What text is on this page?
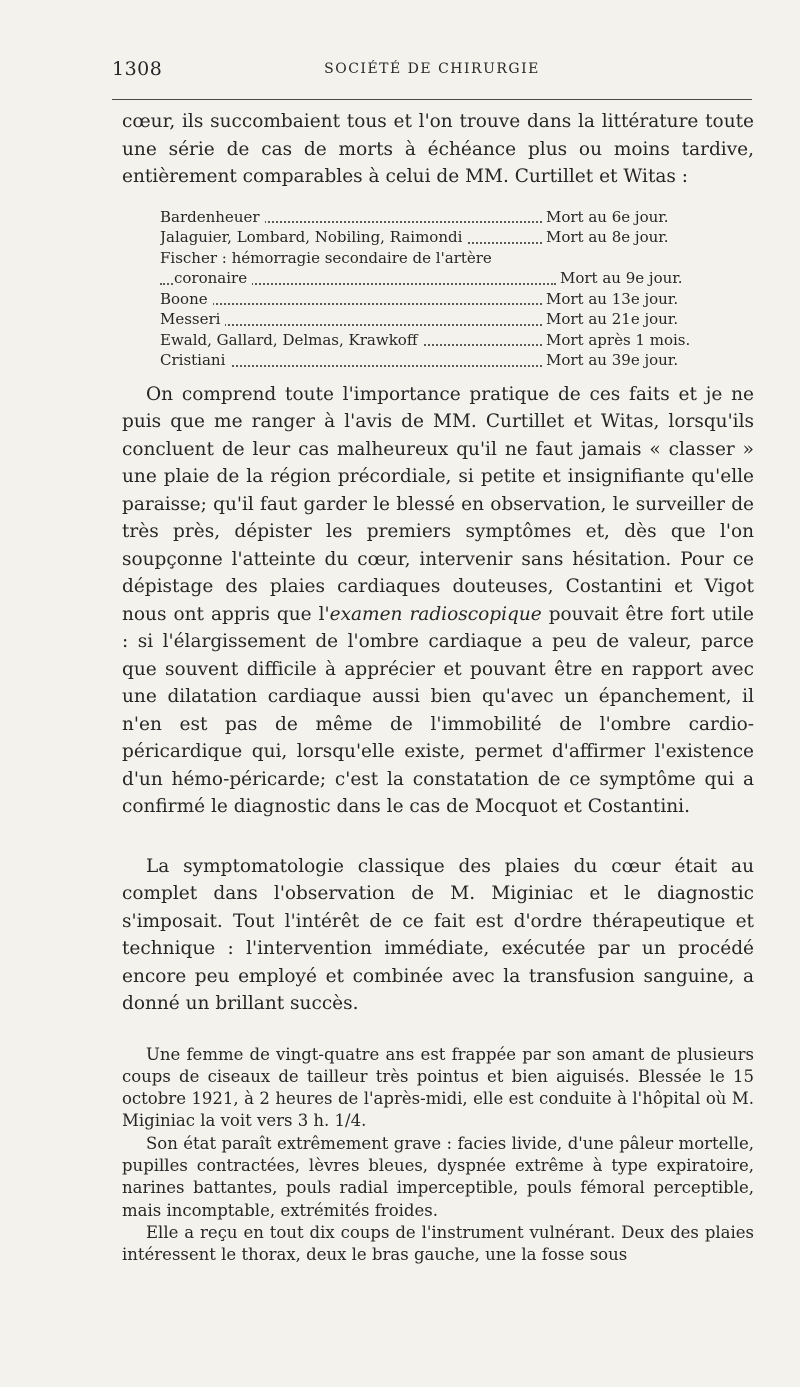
1308	SOCIÉTÉ DE CHIRURGIE

cœur, ils succombaient tous et l'on trouve dans la littérature toute une série de cas de morts à échéance plus ou moins tardive, entièrement comparables à celui de MM. Curtillet et Witas :

Bardenheuer	Mort au 6e jour.
Jalaguier, Lombard, Nobiling, Raimondi	Mort au 8e jour.
Fischer : hémorragie secondaire de l'artère
coronaire	Mort au 9e jour.
Boone	Mort au 13e jour.
Messeri	Mort au 21e jour.
Ewald, Gallard, Delmas, Krawkoff	Mort après 1 mois.
Cristiani	Mort au 39e jour.

On comprend toute l'importance pratique de ces faits et je ne puis que me ranger à l'avis de MM. Curtillet et Witas, lorsqu'ils concluent de leur cas malheureux qu'il ne faut jamais « classer » une plaie de la région précordiale, si petite et insignifiante qu'elle paraisse; qu'il faut garder le blessé en observation, le surveiller de très près, dépister les premiers symptômes et, dès que l'on soupçonne l'atteinte du cœur, intervenir sans hésitation. Pour ce dépistage des plaies cardiaques douteuses, Costantini et Vigot nous ont appris que l'examen radioscopique pouvait être fort utile : si l'élargissement de l'ombre cardiaque a peu de valeur, parce que souvent difficile à apprécier et pouvant être en rapport avec une dilatation cardiaque aussi bien qu'avec un épanchement, il n'en est pas de même de l'immobilité de l'ombre cardio-péricardique qui, lorsqu'elle existe, permet d'affirmer l'existence d'un hémo-péricarde; c'est la constatation de ce symptôme qui a confirmé le diagnostic dans le cas de Mocquot et Costantini.

La symptomatologie classique des plaies du cœur était au complet dans l'observation de M. Miginiac et le diagnostic s'imposait. Tout l'intérêt de ce fait est d'ordre thérapeutique et technique : l'intervention immédiate, exécutée par un procédé encore peu employé et combinée avec la transfusion sanguine, a donné un brillant succès.

Une femme de vingt-quatre ans est frappée par son amant de plusieurs coups de ciseaux de tailleur très pointus et bien aiguisés. Blessée le 15 octobre 1921, à 2 heures de l'après-midi, elle est conduite à l'hôpital où M. Miginiac la voit vers 3 h. 1/4.

Son état paraît extrêmement grave : facies livide, d'une pâleur mortelle, pupilles contractées, lèvres bleues, dyspnée extrême à type expiratoire, narines battantes, pouls radial imperceptible, pouls fémoral perceptible, mais incomptable, extrémités froides.

Elle a reçu en tout dix coups de l'instrument vulnérant. Deux des plaies intéressent le thorax, deux le bras gauche, une la fosse sous
